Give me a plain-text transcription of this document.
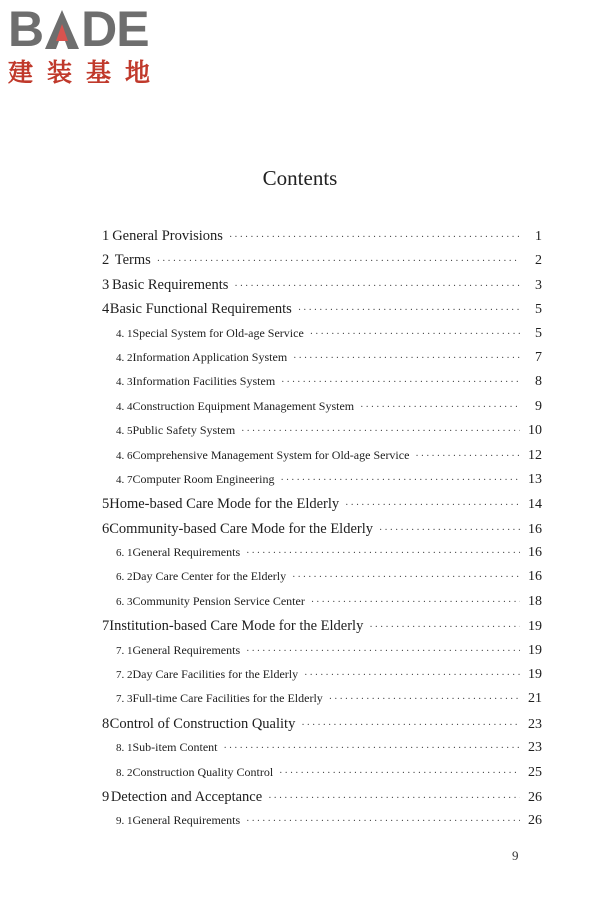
B DE
建装基地
Contents
1 General Provisions ·····	1
2 Terms ·····	2
3 Basic Requirements ·····	3
4 Basic Functional Requirements ·····	5
4. 1 Special System for Old-age Service ·····	5
4. 2 Information Application System ·····	7
4. 3 Information Facilities System ·····	8
4. 4 Construction Equipment Management System ·····	9
4. 5 Public Safety System ·····	10
4. 6 Comprehensive Management System for Old-age Service ·····	12
4. 7 Computer Room Engineering ·····	13
5 Home-based Care Mode for the Elderly ·····	14
6 Community-based Care Mode for the Elderly ·····	16
6. 1 General Requirements ·····	16
6. 2 Day Care Center for the Elderly ·····	16
6. 3 Community Pension Service Center ·····	18
7 Institution-based Care Mode for the Elderly ·····	19
7. 1 General Requirements ·····	19
7. 2 Day Care Facilities for the Elderly ·····	19
7. 3 Full-time Care Facilities for the Elderly ·····	21
8 Control of Construction Quality ·····	23
8. 1 Sub-item Content ·····	23
8. 2 Construction Quality Control ·····	25
9 Detection and Acceptance ·····	26
9. 1 General Requirements ·····	26
9
